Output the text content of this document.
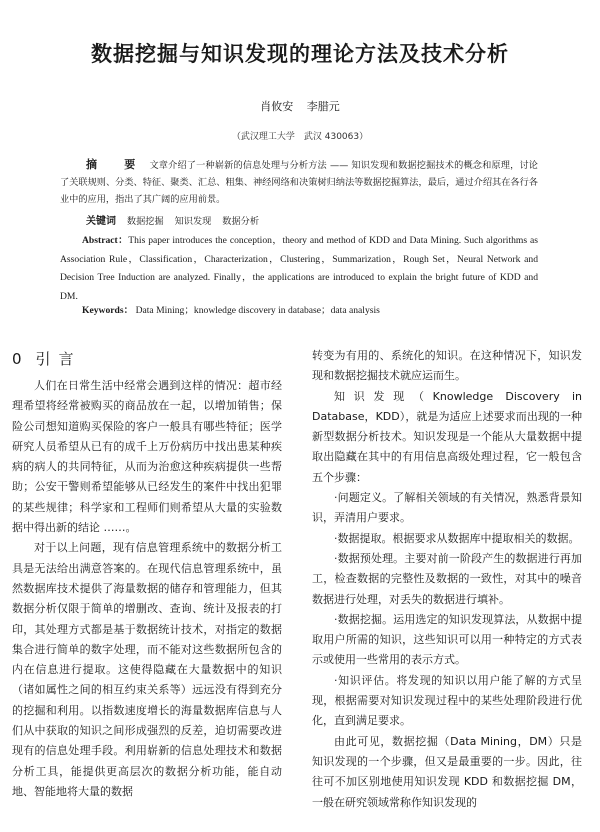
数据挖掘与知识发现的理论方法及技术分析
肖攸安 李腊元
（武汉理工大学　武汉 430063）
摘　要 文章介绍了一种崭新的信息处理与分析方法 —— 知识发现和数据挖掘技术的概念和原理，讨论了关联规则、分类、特征、聚类、汇总、粗集、神经网络和决策树归纳法等数据挖掘算法，最后，通过介绍其在各行各业中的应用，指出了其广阔的应用前景。
关键词 数据挖掘 知识发现 数据分析
Abstract：This paper introduces the conception，theory and method of KDD and Data Mining. Such algorithms as Association Rule，Classification，Characterization，Clustering，Summarization，Rough Set，Neural Network and Decision Tree Induction are analyzed. Finally，the applications are introduced to explain the bright future of KDD and DM.
Keywords： Data Mining；knowledge discovery in database；data analysis
0 引言

人们在日常生活中经常会遇到这样的情况：超市经理希望将经常被购买的商品放在一起，以增加销售；保险公司想知道购买保险的客户一般具有哪些特征；医学研究人员希望从已有的成千上万份病历中找出患某种疾病的病人的共同特征，从而为治愈这种疾病提供一些帮助；公安干警则希望能够从已经发生的案件中找出犯罪的某些规律；科学家和工程师们则希望从大量的实验数据中得出新的结论 ……。

对于以上问题，现有信息管理系统中的数据分析工具是无法给出满意答案的。在现代信息管理系统中，虽然数据库技术提供了海量数据的储存和管理能力，但其数据分析仅限于简单的增删改、查询、统计及报表的打印，其处理方式都是基于数据统计技术，对指定的数据集合进行简单的数字处理，而不能对这些数据所包含的内在信息进行提取。这使得隐藏在大量数据中的知识（诸如属性之间的相互约束关系等）远远没有得到充分的挖掘和利用。以指数速度增长的海量数据库信息与人们从中获取的知识之间形成强烈的反差，迫切需要改进现有的信息处理手段。利用崭新的信息处理技术和数据分析工具，能提供更高层次的数据分析功能，能自动地、智能地将大量的数据

转变为有用的、系统化的知识。在这种情况下，知识发现和数据挖掘技术就应运而生。

知识发现（Knowledge Discovery in Database，KDD），就是为适应上述要求而出现的一种新型数据分析技术。知识发现是一个能从大量数据中提取出隐藏在其中的有用信息高级处理过程，它一般包含五个步骤：

·问题定义。了解相关领域的有关情况，熟悉背景知识，弄清用户要求。

·数据提取。根据要求从数据库中提取相关的数据。

·数据预处理。主要对前一阶段产生的数据进行再加工，检查数据的完整性及数据的一致性，对其中的噪音数据进行处理，对丢失的数据进行填补。

·数据挖掘。运用选定的知识发现算法，从数据中提取用户所需的知识，这些知识可以用一种特定的方式表示或使用一些常用的表示方式。

·知识评估。将发现的知识以用户能了解的方式呈现，根据需要对知识发现过程中的某些处理阶段进行优化，直到满足要求。

由此可见，数据挖掘（Data Mining，DM）只是知识发现的一个步骤，但又是最重要的一步。因此，往往可不加区别地使用知识发现 KDD 和数据挖掘 DM，一般在研究领域常称作知识发现的
